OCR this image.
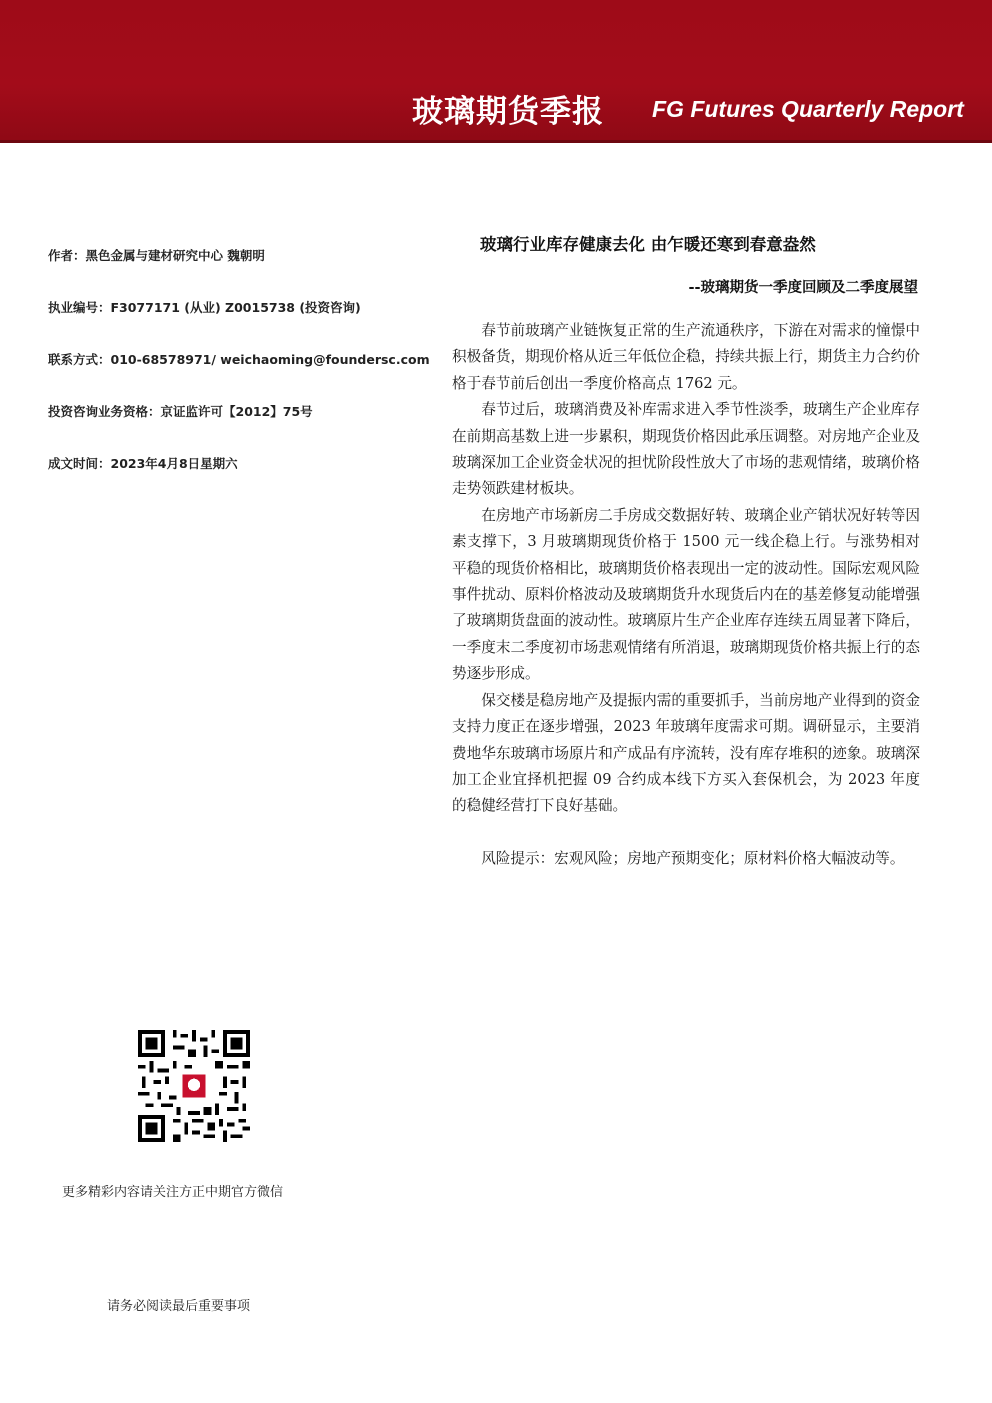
玻璃期货季报 FG Futures Quarterly Report
作者：黑色金属与建材研究中心 魏朝明
执业编号：F3077171 (从业) Z0015738 (投资咨询)
联系方式：010-68578971/ weichaoming@foundersc.com
投资咨询业务资格：京证监许可【2012】75号
成文时间：2023年4月8日星期六
玻璃行业库存健康去化 由乍暖还寒到春意盎然
--玻璃期货一季度回顾及二季度展望

春节前玻璃产业链恢复正常的生产流通秩序，下游在对需求的憧憬中积极备货，期现价格从近三年低位企稳，持续共振上行，期货主力合约价格于春节前后创出一季度价格高点 1762 元。

春节过后，玻璃消费及补库需求进入季节性淡季，玻璃生产企业库存在前期高基数上进一步累积，期现货价格因此承压调整。对房地产企业及玻璃深加工企业资金状况的担忧阶段性放大了市场的悲观情绪，玻璃价格走势领跌建材板块。

在房地产市场新房二手房成交数据好转、玻璃企业产销状况好转等因素支撑下，3 月玻璃期现货价格于 1500 元一线企稳上行。与涨势相对平稳的现货价格相比，玻璃期货价格表现出一定的波动性。国际宏观风险事件扰动、原料价格波动及玻璃期货升水现货后内在的基差修复动能增强了玻璃期货盘面的波动性。玻璃原片生产企业库存连续五周显著下降后，一季度末二季度初市场悲观情绪有所消退，玻璃期现货价格共振上行的态势逐步形成。

保交楼是稳房地产及提振内需的重要抓手，当前房地产业得到的资金支持力度正在逐步增强，2023 年玻璃年度需求可期。调研显示，主要消费地华东玻璃市场原片和产成品有序流转，没有库存堆积的迹象。玻璃深加工企业宜择机把握 09 合约成本线下方买入套保机会，为 2023 年度的稳健经营打下良好基础。

风险提示：宏观风险；房地产预期变化；原材料价格大幅波动等。

更多精彩内容请关注方正中期官方微信
请务必阅读最后重要事项
